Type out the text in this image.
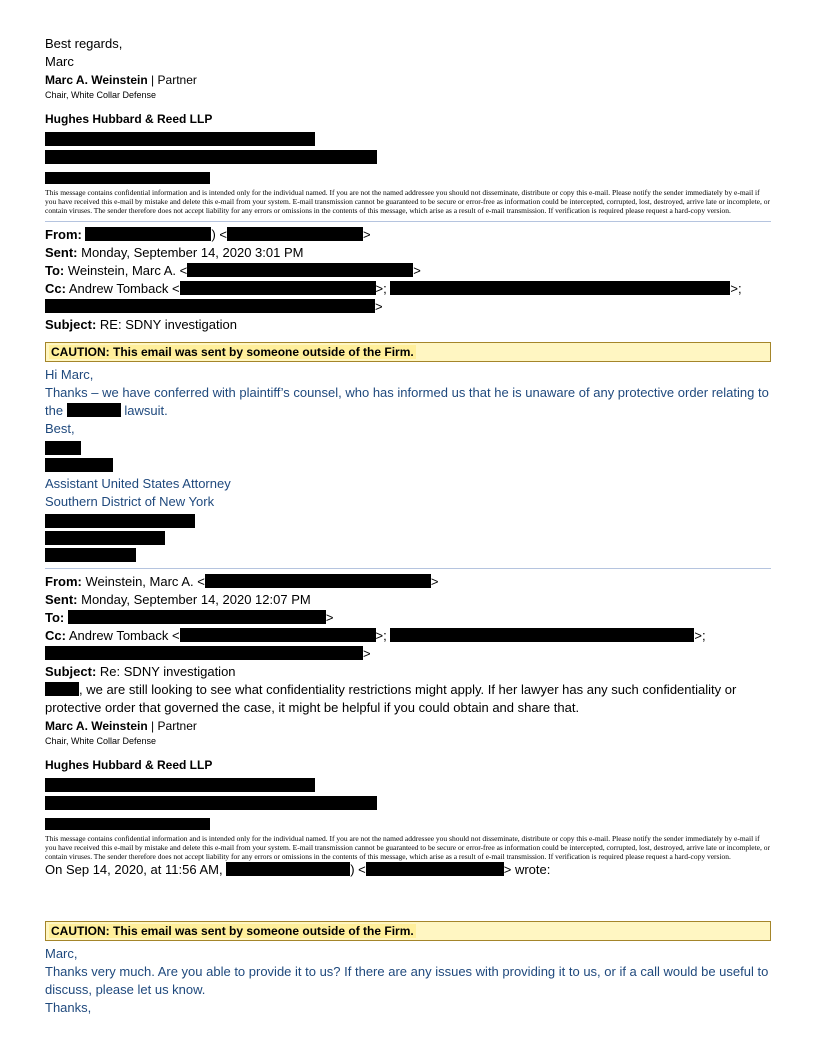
Best regards,
Marc
Marc A. Weinstein | Partner
Chair, White Collar Defense
Hughes Hubbard & Reed LLP
This message contains confidential information and is intended only for the individual named. If you are not the named addressee you should not disseminate, distribute or copy this e-mail. Please notify the sender immediately by e-mail if you have received this e-mail by mistake and delete this e-mail from your system. E-mail transmission cannot be guaranteed to be secure or error-free as information could be intercepted, corrupted, lost, destroyed, arrive late or incomplete, or contain viruses. The sender therefore does not accept liability for any errors or omissions in the contents of this message, which arise as a result of e-mail transmission. If verification is required please request a hard-copy version.
From:	) <	>
Sent: Monday, September 14, 2020 3:01 PM
To: Weinstein, Marc A. <	>
Cc: Andrew Tomback <	>;	>;
>
Subject: RE: SDNY investigation
CAUTION: This email was sent by someone outside of the Firm.
Hi Marc,
Thanks – we have conferred with plaintiff’s counsel, who has informed us that he is unaware of any protective order relating to the	lawsuit.
Best,
Assistant United States Attorney
Southern District of New York
From: Weinstein, Marc A. <	>
Sent: Monday, September 14, 2020 12:07 PM
To:	>
Cc: Andrew Tomback <	>;	>;
>
Subject: Re: SDNY investigation
, we are still looking to see what confidentiality restrictions might apply. If her lawyer has any such confidentiality or protective order that governed the case, it might be helpful if you could obtain and share that.
Marc A. Weinstein | Partner
Chair, White Collar Defense
Hughes Hubbard & Reed LLP
This message contains confidential information and is intended only for the individual named. If you are not the named addressee you should not disseminate, distribute or copy this e-mail. Please notify the sender immediately by e-mail if you have received this e-mail by mistake and delete this e-mail from your system. E-mail transmission cannot be guaranteed to be secure or error-free as information could be intercepted, corrupted, lost, destroyed, arrive late or incomplete, or contain viruses. The sender therefore does not accept liability for any errors or omissions in the contents of this message, which arise as a result of e-mail transmission. If verification is required please request a hard-copy version.
On Sep 14, 2020, at 11:56 AM,	) <	> wrote:
CAUTION: This email was sent by someone outside of the Firm.
Marc,
Thanks very much. Are you able to provide it to us? If there are any issues with providing it to us, or if a call would be useful to discuss, please let us know.
Thanks,
